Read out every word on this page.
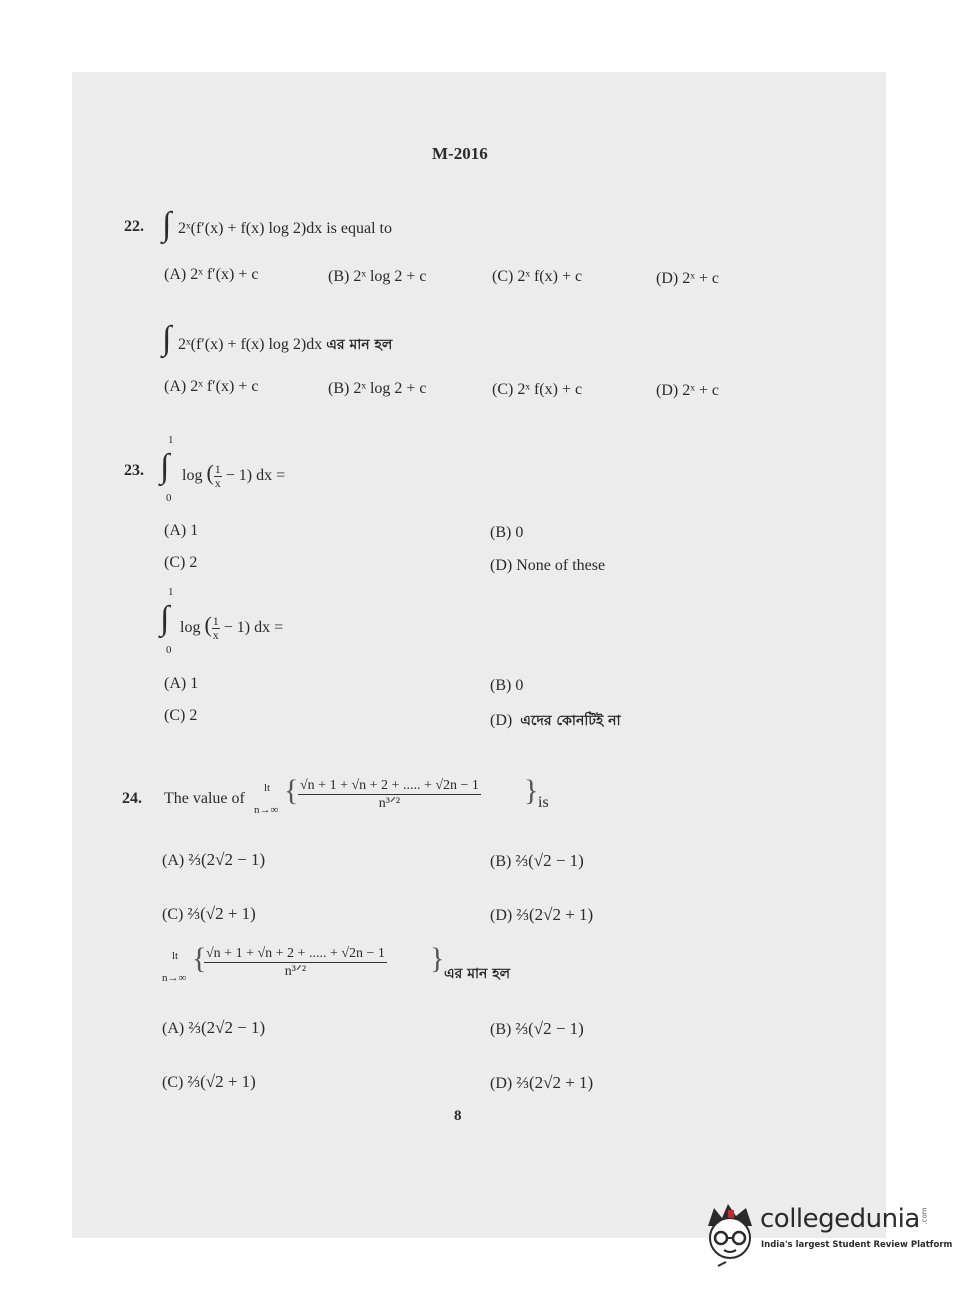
M-2016
22. ∫ 2ˣ(f′(x) + f(x) log 2)dx is equal to
(A) 2ˣ f′(x) + c	(B) 2ˣ log 2 + c	(C) 2ˣ f(x) + c	(D) 2ˣ + c
∫ 2ˣ(f′(x) + f(x) log 2)dx এর মান হল
(A) 2ˣ f′(x) + c	(B) 2ˣ log 2 + c	(C) 2ˣ f(x) + c	(D) 2ˣ + c
23.
1
∫
0
log ( $\frac{1}{x} - 1$) dx =
(A) 1	(B) 0
(C) 2	(D) None of these
1
∫
0
log ( $\frac{1}{x} - 1$) dx =
(A) 1	(B) 0
(C) 2	(D) এদের কোনটিই না
24. The value of
lt
n→∞
{ √n + 1 + √n + 2 + ..... + √2n − 1
n³ᐟ²	} is
(A) ⅔(2√2 − 1)	(B) ⅔(√2 − 1)
(C) ⅔(√2 + 1)	(D) ⅔(2√2 + 1)
lt
n→∞
{ √n + 1 + √n + 2 + ..... + √2n − 1
n³ᐟ²	} এর মান হল
(A) ⅔(2√2 − 1)	(B) ⅔(√2 − 1)
(C) ⅔(√2 + 1)	(D) ⅔(2√2 + 1)
8
collegedunia .com
India's largest Student Review Platform
